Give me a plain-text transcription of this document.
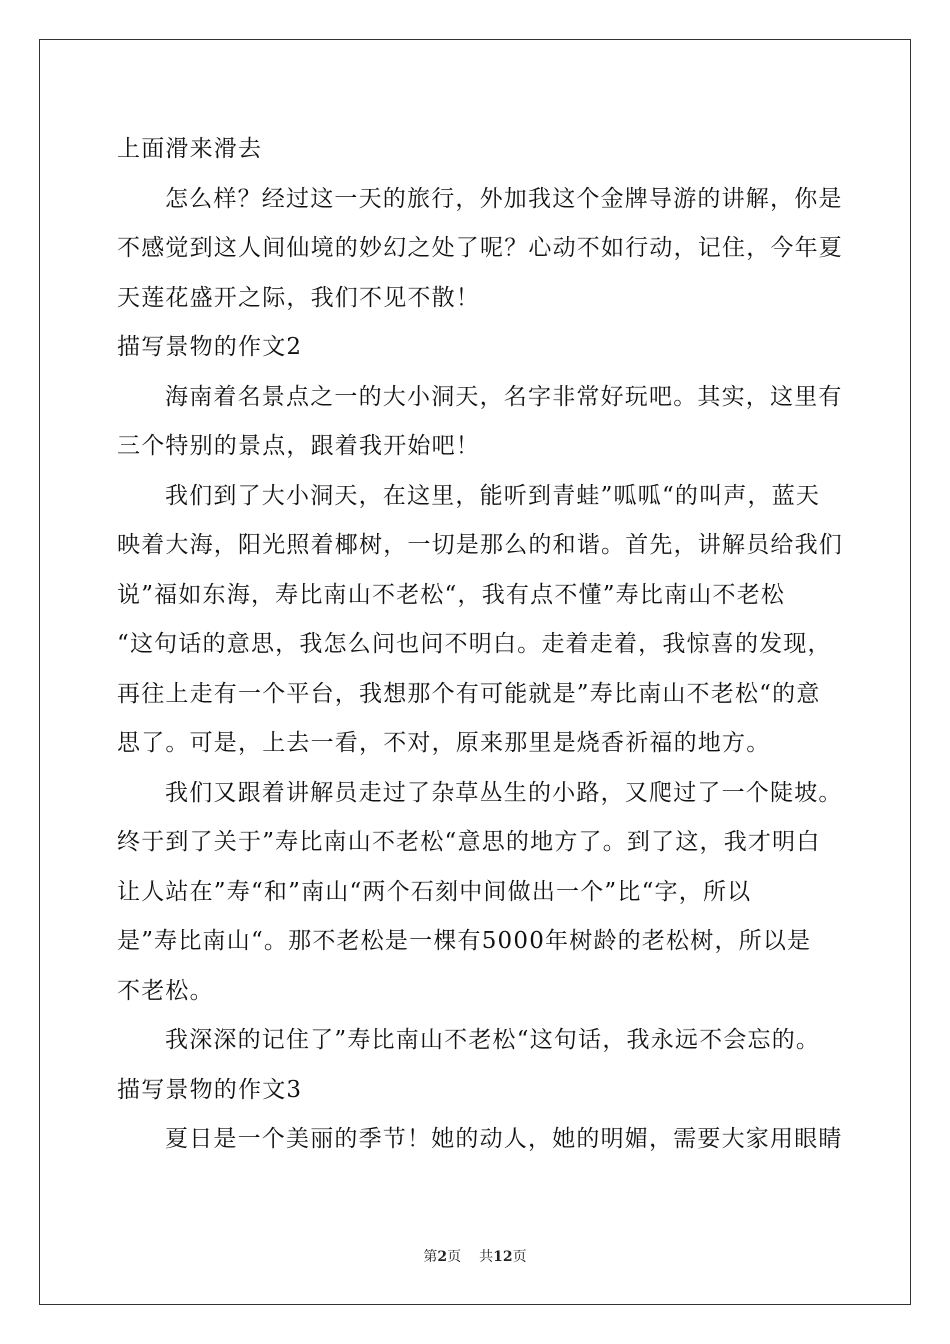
上面滑来滑去
怎么样？经过这一天的旅行，外加我这个金牌导游的讲解，你是
不感觉到这人间仙境的妙幻之处了呢？心动不如行动，记住，今年夏
天莲花盛开之际，我们不见不散！
描写景物的作文2
海南着名景点之一的大小洞天，名字非常好玩吧。其实，这里有
三个特别的景点，跟着我开始吧！
我们到了大小洞天，在这里，能听到青蛙”呱呱“的叫声，蓝天
映着大海，阳光照着椰树，一切是那么的和谐。首先，讲解员给我们
说”福如东海，寿比南山不老松“，我有点不懂”寿比南山不老松
“这句话的意思，我怎么问也问不明白。走着走着，我惊喜的发现，
再往上走有一个平台，我想那个有可能就是”寿比南山不老松“的意
思了。可是，上去一看，不对，原来那里是烧香祈福的地方。
我们又跟着讲解员走过了杂草丛生的小路，又爬过了一个陡坡。
终于到了关于”寿比南山不老松“意思的地方了。到了这，我才明白
让人站在”寿“和”南山“两个石刻中间做出一个”比“字，所以
是”寿比南山“。那不老松是一棵有5000年树龄的老松树，所以是
不老松。
我深深的记住了”寿比南山不老松“这句话，我永远不会忘的。
描写景物的作文3
夏日是一个美丽的季节！她的动人，她的明媚，需要大家用眼睛
第2页 共12页
